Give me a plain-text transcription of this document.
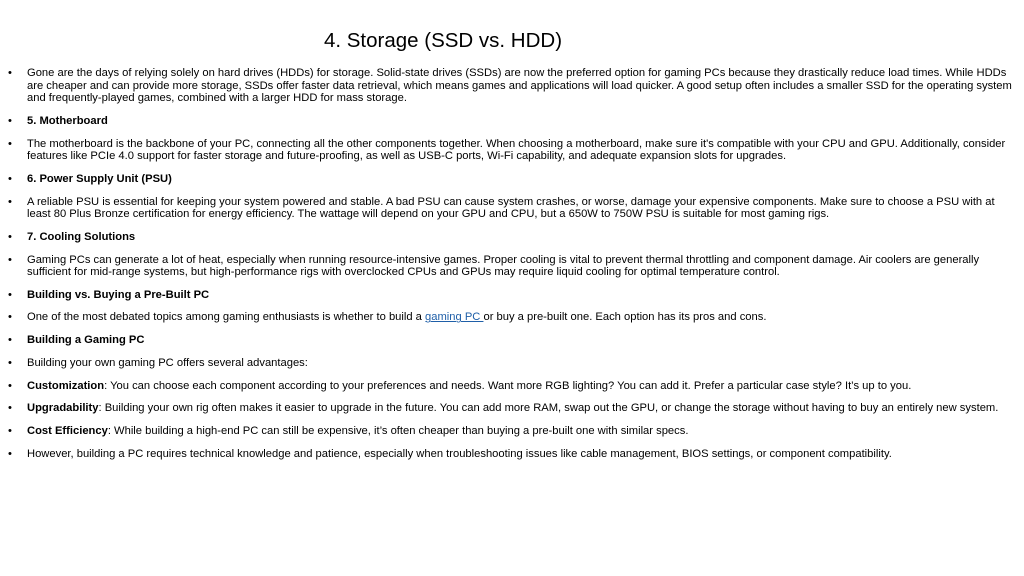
4. Storage (SSD vs. HDD)
• Gone are the days of relying solely on hard drives (HDDs) for storage. Solid-state drives (SSDs) are now the preferred option for gaming PCs because they drastically reduce load times. While HDDs are cheaper and can provide more storage, SSDs offer faster data retrieval, which means games and applications will load quicker. A good setup often includes a smaller SSD for the operating system and frequently-played games, combined with a larger HDD for mass storage.
• 5. Motherboard
• The motherboard is the backbone of your PC, connecting all the other components together. When choosing a motherboard, make sure it's compatible with your CPU and GPU. Additionally, consider features like PCIe 4.0 support for faster storage and future-proofing, as well as USB-C ports, Wi-Fi capability, and adequate expansion slots for upgrades.
• 6. Power Supply Unit (PSU)
• A reliable PSU is essential for keeping your system powered and stable. A bad PSU can cause system crashes, or worse, damage your expensive components. Make sure to choose a PSU with at least 80 Plus Bronze certification for energy efficiency. The wattage will depend on your GPU and CPU, but a 650W to 750W PSU is suitable for most gaming rigs.
• 7. Cooling Solutions
• Gaming PCs can generate a lot of heat, especially when running resource-intensive games. Proper cooling is vital to prevent thermal throttling and component damage. Air coolers are generally sufficient for mid-range systems, but high-performance rigs with overclocked CPUs and GPUs may require liquid cooling for optimal temperature control.
• Building vs. Buying a Pre-Built PC
• One of the most debated topics among gaming enthusiasts is whether to build a gaming PC or buy a pre-built one. Each option has its pros and cons.
• Building a Gaming PC
• Building your own gaming PC offers several advantages:
• Customization: You can choose each component according to your preferences and needs. Want more RGB lighting? You can add it. Prefer a particular case style? It’s up to you.
• Upgradability: Building your own rig often makes it easier to upgrade in the future. You can add more RAM, swap out the GPU, or change the storage without having to buy an entirely new system.
• Cost Efficiency: While building a high-end PC can still be expensive, it’s often cheaper than buying a pre-built one with similar specs.
• However, building a PC requires technical knowledge and patience, especially when troubleshooting issues like cable management, BIOS settings, or component compatibility.
